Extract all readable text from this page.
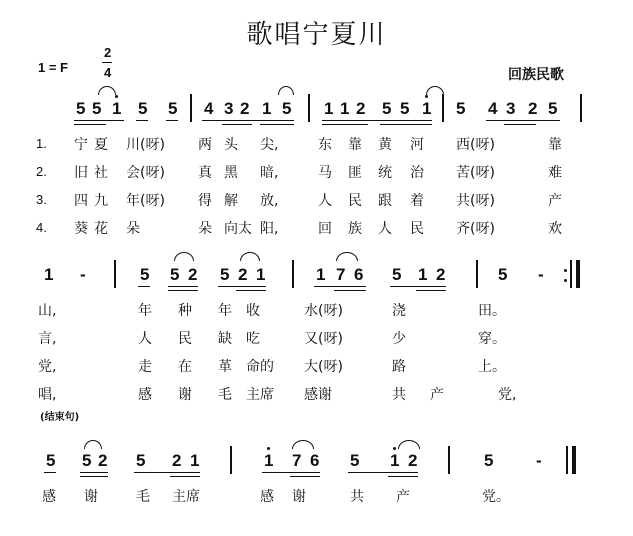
歌唱宁夏川
1 = F
2
4	回族民歌
5 5 1 5 5 4 3 2 1 5 1 1 2 5 5 1 5 4 3 2 5
1.
2.
3.
4.
宁 夏 川(呀) 两 头 尖,	东 靠 黄 河 西(呀)	靠
旧 社 会(呀) 真 黑 暗,	马 匪 统 治 苦(呀)	难
四 九 年(呀) 得 解 放,	人 民 跟 着 共(呀)	产
葵 花 朵	朵 向太 阳,	回 族 人 民 齐(呀)	欢
1 -	5 5 2 5 2 1	1 7 6 5 1 2	5 -
山,	年 种 年 收	水(呀)	浇	田。
言,	人 民 缺 吃	又(呀)	少	穿。
党,	走 在 革 命的 大(呀)	路	上。
唱,	感 谢 毛 主席 感谢	共 产	党,
(结束句)
5 5 2 5 2 1	1 7 6 5 1 2	5	-
感 谢	毛 主席	感 谢	共 产	党。
